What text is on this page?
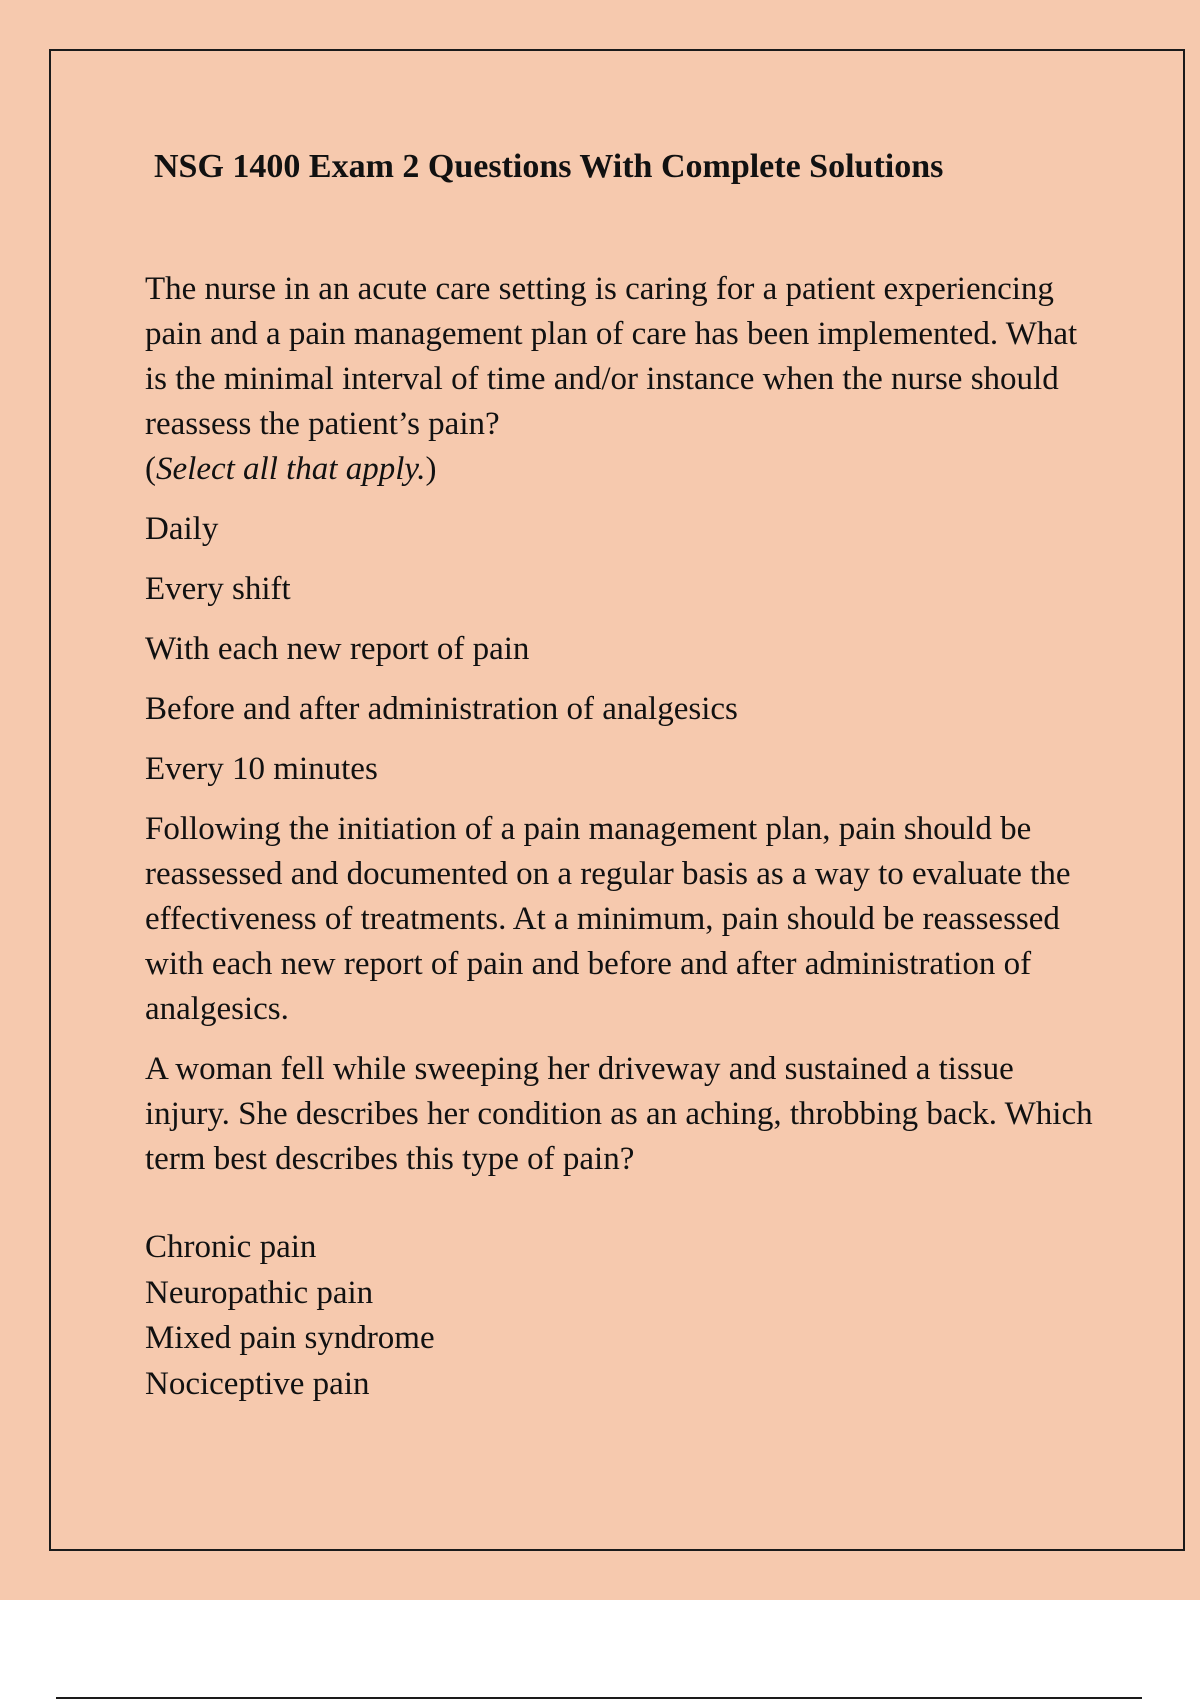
NSG 1400 Exam 2 Questions With Complete Solutions

The nurse in an acute care setting is caring for a patient experiencing pain and a pain management plan of care has been implemented. What is the minimal interval of time and/or instance when the nurse should reassess the patient’s pain?
(Select all that apply.)

Daily

Every shift

With each new report of pain

Before and after administration of analgesics

Every 10 minutes

Following the initiation of a pain management plan, pain should be reassessed and documented on a regular basis as a way to evaluate the effectiveness of treatments. At a minimum, pain should be reassessed with each new report of pain and before and after administration of analgesics.

A woman fell while sweeping her driveway and sustained a tissue injury. She describes her condition as an aching, throbbing back. Which term best describes this type of pain?

Chronic pain
Neuropathic pain
Mixed pain syndrome
Nociceptive pain
